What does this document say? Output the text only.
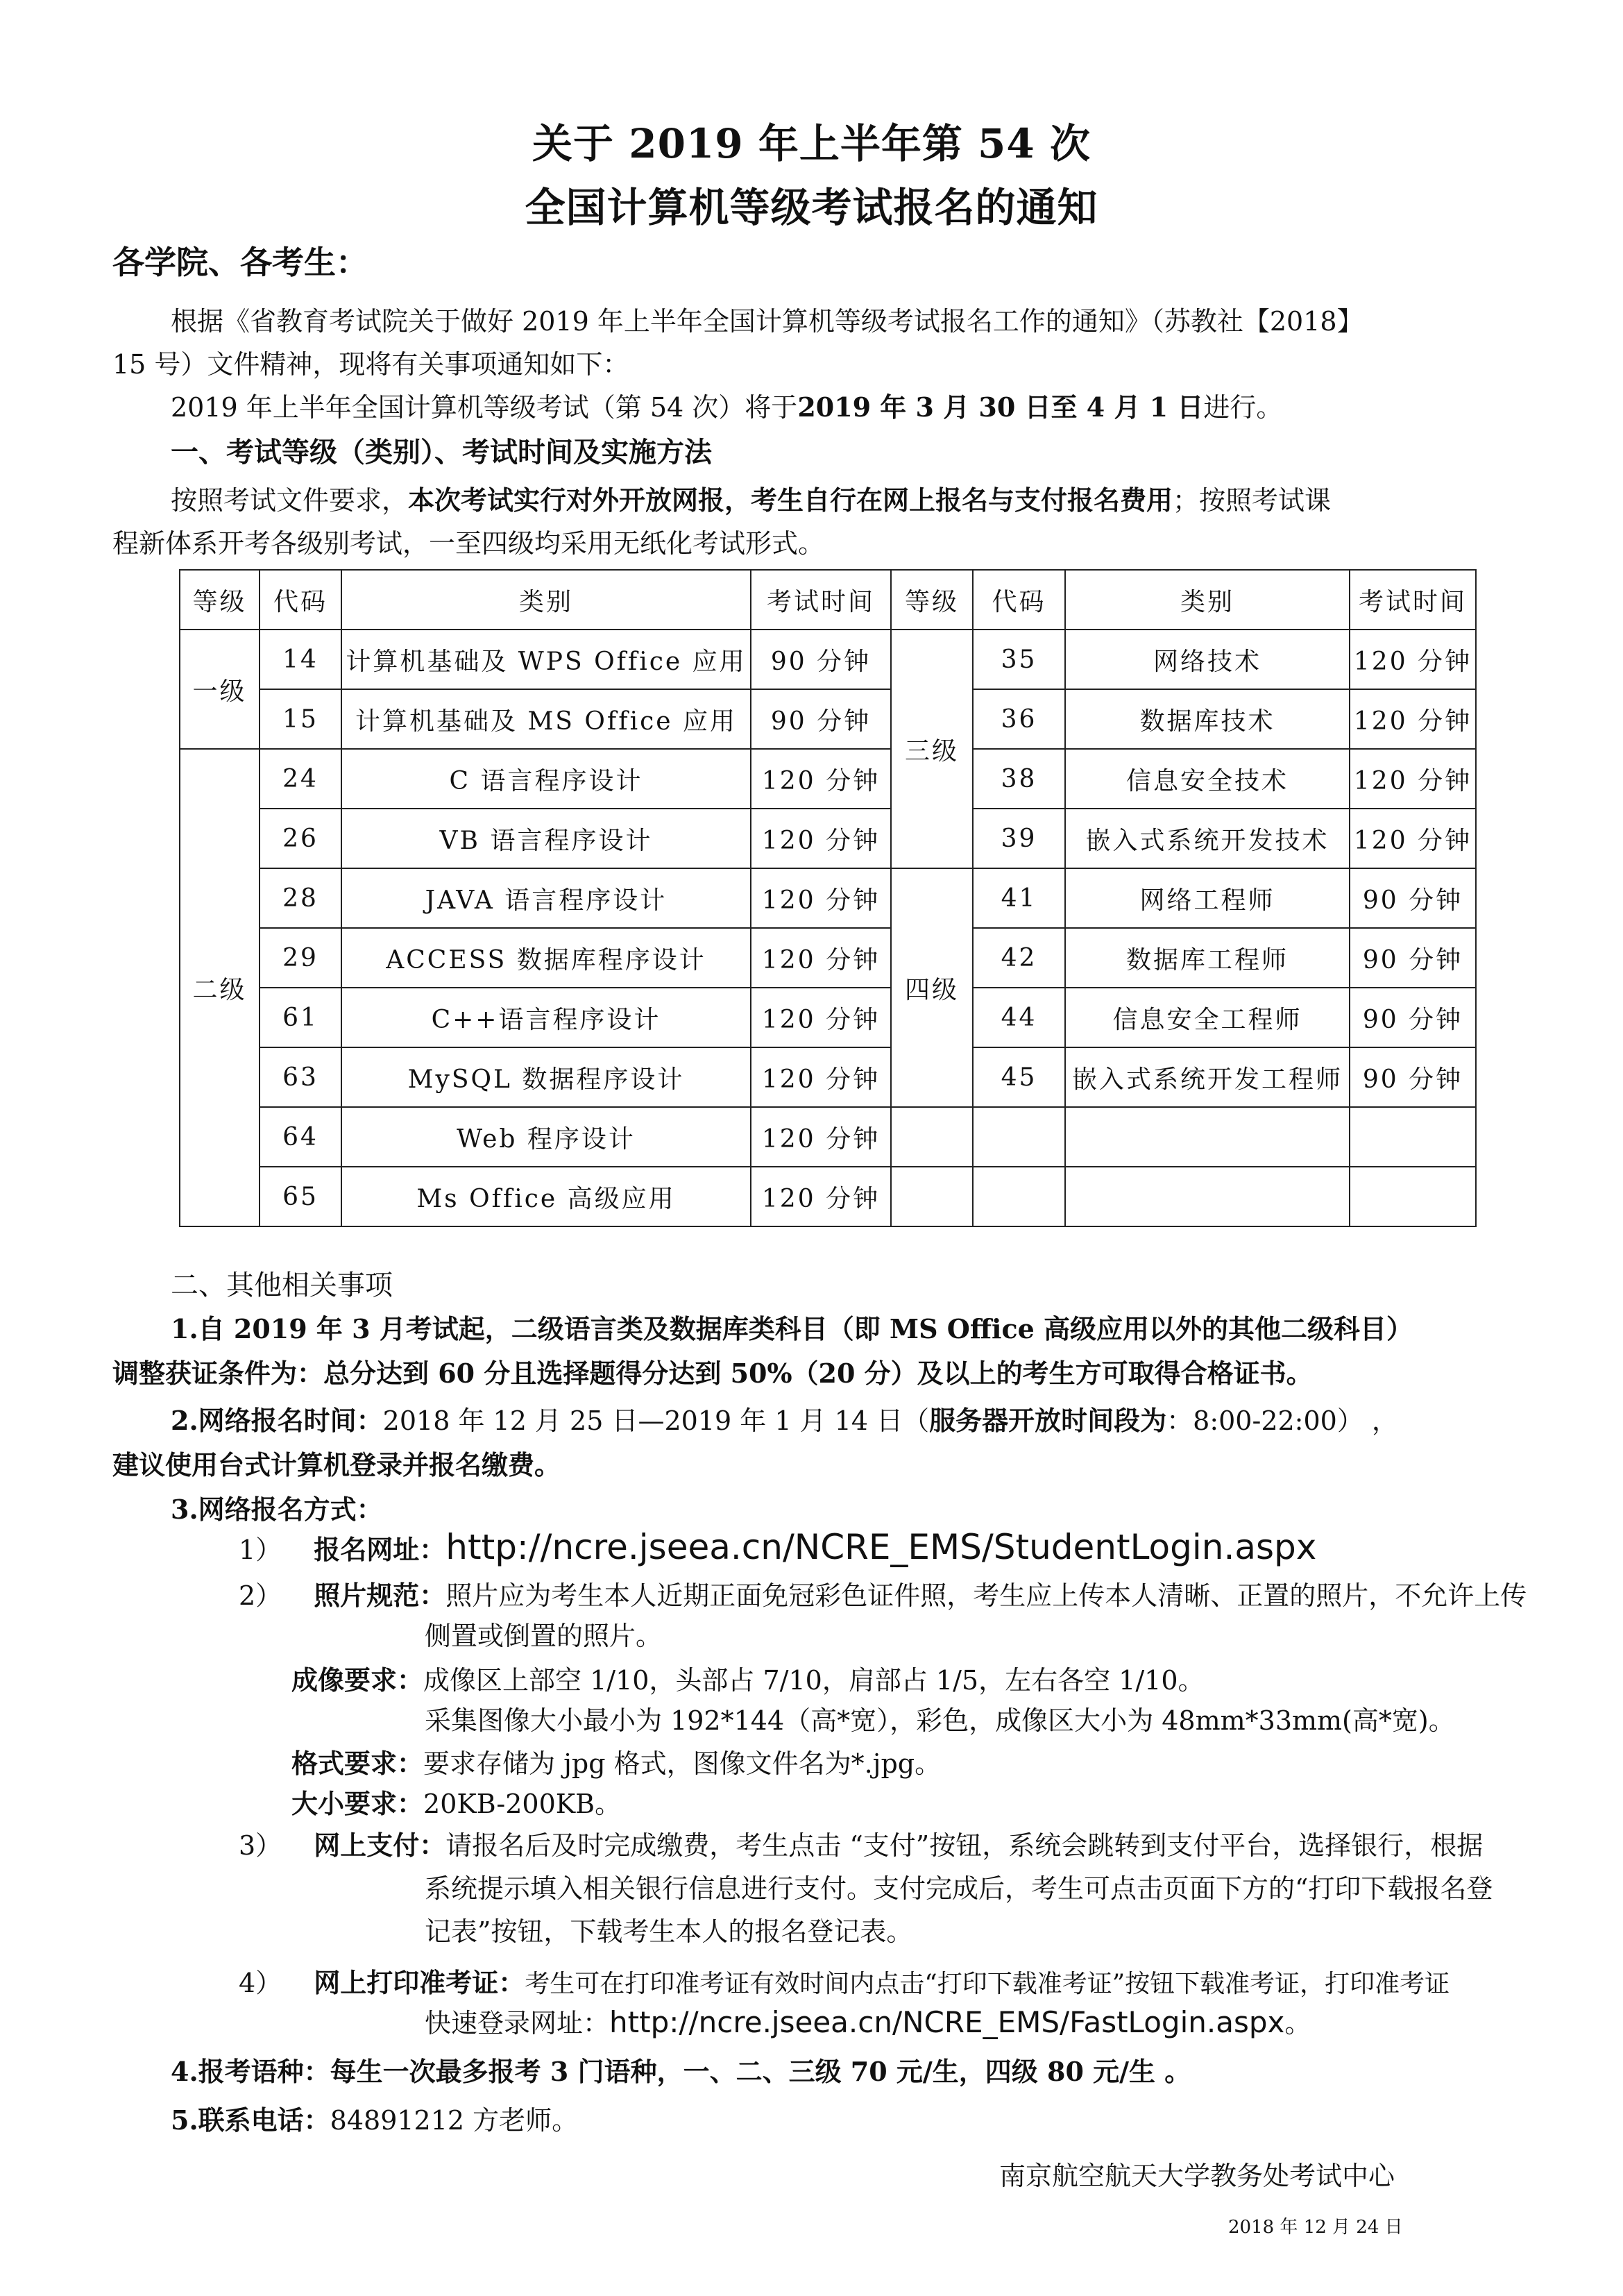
关于 2019 年上半年第 54 次
全国计算机等级考试报名的通知
各学院、各考生：
根据《省教育考试院关于做好 2019 年上半年全国计算机等级考试报名工作的通知》（苏教社【2018】
15 号）文件精神，现将有关事项通知如下：
2019 年上半年全国计算机等级考试（第 54 次）将于2019 年 3 月 30 日至 4 月 1 日进行。
一、考试等级（类别）、考试时间及实施方法
按照考试文件要求，本次考试实行对外开放网报，考生自行在网上报名与支付报名费用；按照考试课
程新体系开考各级别考试，一至四级均采用无纸化考试形式。
等级	代码	类别	考试时间	等级	代码	类别	考试时间
一级	14	计算机基础及 WPS Office 应用	90 分钟	三级	35	网络技术	120 分钟
	15	计算机基础及 MS Office 应用	90 分钟		36	数据库技术	120 分钟
二级	24	C 语言程序设计	120 分钟		38	信息安全技术	120 分钟
	26	VB 语言程序设计	120 分钟		39	嵌入式系统开发技术	120 分钟
	28	JAVA 语言程序设计	120 分钟	四级	41	网络工程师	90 分钟
	29	ACCESS 数据库程序设计	120 分钟		42	数据库工程师	90 分钟
	61	C++语言程序设计	120 分钟		44	信息安全工程师	90 分钟
	63	MySQL 数据程序设计	120 分钟		45	嵌入式系统开发工程师	90 分钟
	64	Web 程序设计	120 分钟				
	65	Ms Office 高级应用	120 分钟				
二、其他相关事项
1.自 2019 年 3 月考试起，二级语言类及数据库类科目（即 MS Office 高级应用以外的其他二级科目）
调整获证条件为：总分达到 60 分且选择题得分达到 50%（20 分）及以上的考生方可取得合格证书。
2.网络报名时间：2018 年 12 月 25 日—2019 年 1 月 14 日（服务器开放时间段为：8:00-22:00） ，
建议使用台式计算机登录并报名缴费。
3.网络报名方式：
1） 报名网址：http://ncre.jseea.cn/NCRE_EMS/StudentLogin.aspx
2） 照片规范：照片应为考生本人近期正面免冠彩色证件照，考生应上传本人清晰、正置的照片，不允许上传
侧置或倒置的照片。
成像要求：成像区上部空 1/10，头部占 7/10，肩部占 1/5，左右各空 1/10。
采集图像大小最小为 192*144（高*宽），彩色，成像区大小为 48mm*33mm(高*宽)。
格式要求：要求存储为 jpg 格式，图像文件名为*.jpg。
大小要求：20KB-200KB。
3） 网上支付：请报名后及时完成缴费，考生点击 “支付”按钮，系统会跳转到支付平台，选择银行，根据
系统提示填入相关银行信息进行支付。支付完成后，考生可点击页面下方的“打印下载报名登
记表”按钮，下载考生本人的报名登记表。
4） 网上打印准考证：考生可在打印准考证有效时间内点击“打印下载准考证”按钮下载准考证，打印准考证
快速登录网址：http://ncre.jseea.cn/NCRE_EMS/FastLogin.aspx。
4.报考语种：每生一次最多报考 3 门语种，一、二、三级 70 元/生，四级 80 元/生 。
5.联系电话：84891212 方老师。
南京航空航天大学教务处考试中心
2018 年 12 月 24 日
